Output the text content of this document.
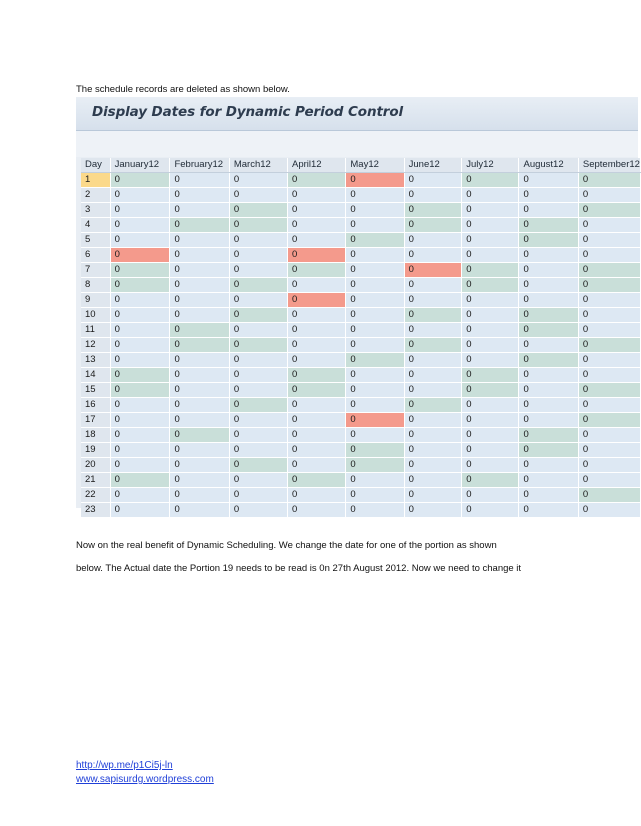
The schedule records are deleted as shown below.

Display Dates for Dynamic Period Control
Day	January12	February12	March12	April12	May12	June12	July12	August12	September12
1	0	0	0	0	0	0	0	0	0
2	0	0	0	0	0	0	0	0	0
3	0	0	0	0	0	0	0	0	0
4	0	0	0	0	0	0	0	0	0
5	0	0	0	0	0	0	0	0	0
6	0	0	0	0	0	0	0	0	0
7	0	0	0	0	0	0	0	0	0
8	0	0	0	0	0	0	0	0	0
9	0	0	0	0	0	0	0	0	0
10	0	0	0	0	0	0	0	0	0
11	0	0	0	0	0	0	0	0	0
12	0	0	0	0	0	0	0	0	0
13	0	0	0	0	0	0	0	0	0
14	0	0	0	0	0	0	0	0	0
15	0	0	0	0	0	0	0	0	0
16	0	0	0	0	0	0	0	0	0
17	0	0	0	0	0	0	0	0	0
18	0	0	0	0	0	0	0	0	0
19	0	0	0	0	0	0	0	0	0
20	0	0	0	0	0	0	0	0	0
21	0	0	0	0	0	0	0	0	0
22	0	0	0	0	0	0	0	0	0
23	0	0	0	0	0	0	0	0	0

Now on the real benefit of Dynamic Scheduling. We change the date for one of the portion as shown

below. The Actual date the Portion 19 needs to be read is 0n 27th August 2012. Now we need to change it

http://wp.me/p1Ci5j-ln
www.sapisurdg.wordpress.com
